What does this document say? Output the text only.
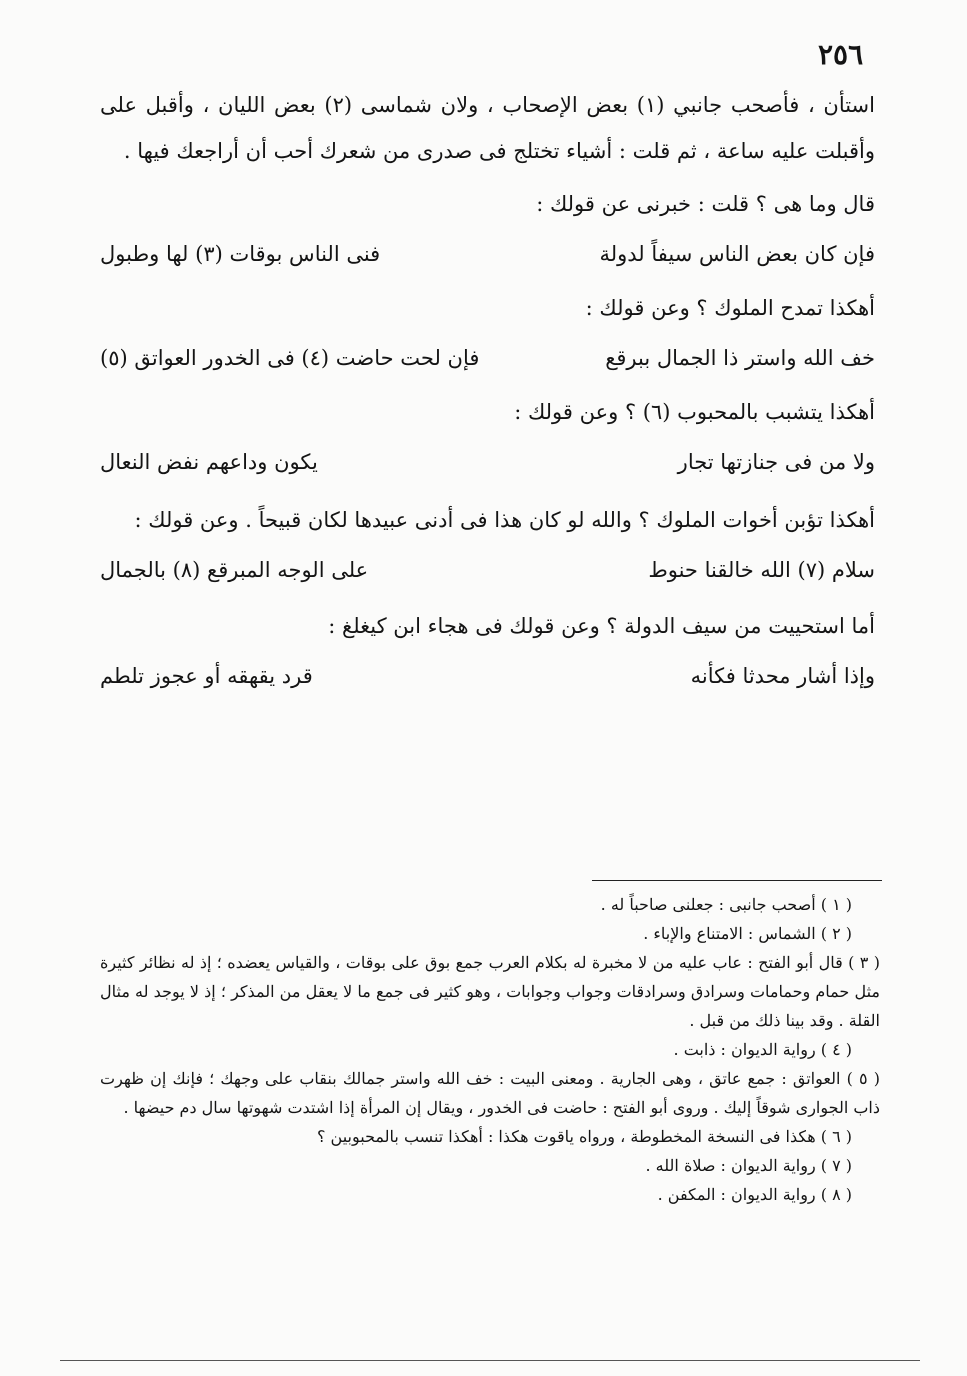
٢٥٦

استأن ، فأصحب جانبي (١) بعض الإصحاب ، ولان شماسى (٢) بعض الليان ، وأقبل على وأقبلت عليه ساعة ، ثم قلت : أشياء تختلج فى صدرى من شعرك أحب أن أراجعك فيها .

قال وما هى ؟ قلت : خبرنى عن قولك :

فإن كان بعض الناس سيفاً لدولة
فنى الناس بوقات (٣) لها وطبول

أهكذا تمدح الملوك ؟ وعن قولك :

خف الله واستر ذا الجمال ببرقع
فإن لحت حاضت (٤) فى الخدور العواتق (٥)

أهكذا يتشبب بالمحبوب (٦) ؟ وعن قولك :

ولا من فى جنازتها تجار
يكون وداعهم نفض النعال

أهكذا تؤبن أخوات الملوك ؟ والله لو كان هذا فى أدنى عبيدها لكان قبيحاً . وعن قولك :

سلام (٧) الله خالقنا حنوط
على الوجه المبرقع (٨) بالجمال

أما استحييت من سيف الدولة ؟ وعن قولك فى هجاء ابن كيغلغ :

وإذا أشار محدثا فكأنه
قرد يقهقه أو عجوز تلطم

( ١ ) أصحب جانبى : جعلنى صاحباً له .

( ٢ ) الشماس : الامتناع والإباء .

( ٣ ) قال أبو الفتح : عاب عليه من لا مخبرة له بكلام العرب جمع بوق على بوقات ، والقياس يعضده ؛ إذ له نظائر كثيرة مثل حمام وحمامات وسرادق وسرادقات وجواب وجوابات ، وهو كثير فى جمع ما لا يعقل من المذكر ؛ إذ لا يوجد له مثال القلة . وقد بينا ذلك من قبل .

( ٤ ) رواية الديوان : ذابت .

( ٥ ) العواتق : جمع عاتق ، وهى الجارية . ومعنى البيت : خف الله واستر جمالك بنقاب على وجهك ؛ فإنك إن ظهرت ذاب الجوارى شوقاً إليك . وروى أبو الفتح : حاضت فى الخدور ، ويقال إن المرأة إذا اشتدت شهوتها سال دم حيضها .

( ٦ ) هكذا فى النسخة المخطوطة ، ورواه ياقوت هكذا : أهكذا تنسب بالمحبوبين ؟

( ٧ ) رواية الديوان : صلاة الله .

( ٨ ) رواية الديوان : المكفن .
